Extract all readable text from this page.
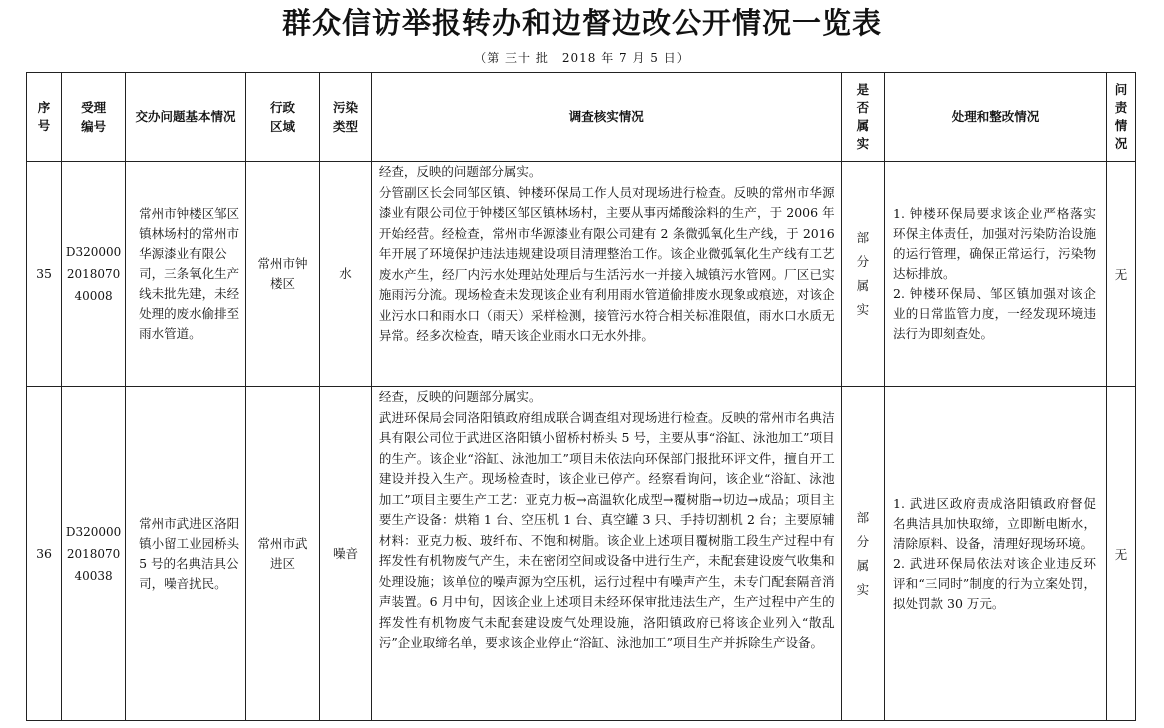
群众信访举报转办和边督边改公开情况一览表
（第 三十 批　2018 年 7 月 5 日）
序号	受理编号	交办问题基本情况	行政区域	污染类型	调查核实情况	是否属实	处理和整改情况	问责情况

35	D320000201807040008	常州市钟楼区邹区镇林场村的常州市华源漆业有限公司，三条氧化生产线未批先建，未经处理的废水偷排至雨水管道。	常州市钟楼区	水	经查，反映的问题部分属实。
分管副区长会同邹区镇、钟楼环保局工作人员对现场进行检查。反映的常州市华源漆业有限公司位于钟楼区邹区镇林场村，主要从事丙烯酸涂料的生产，于 2006 年开始经营。经检查，常州市华源漆业有限公司建有 2 条微弧氧化生产线，于 2016 年开展了环境保护违法违规建设项目清理整治工作。该企业微弧氧化生产线有工艺废水产生，经厂内污水处理站处理后与生活污水一并接入城镇污水管网。厂区已实施雨污分流。现场检查未发现该企业有利用雨水管道偷排废水现象或痕迹，对该企业污水口和雨水口（雨天）采样检测，接管污水符合相关标准限值，雨水口水质无异常。经多次检查，晴天该企业雨水口无水外排。	部分属实	1. 钟楼环保局要求该企业严格落实环保主体责任，加强对污染防治设施的运行管理，确保正常运行，污染物达标排放。
2. 钟楼环保局、邹区镇加强对该企业的日常监管力度，一经发现环境违法行为即刻查处。	无
36	D320000201807040038	常州市武进区洛阳镇小留工业园桥头 5 号的名典洁具公司，噪音扰民。	常州市武进区	噪音	经查，反映的问题部分属实。
武进环保局会同洛阳镇政府组成联合调查组对现场进行检查。反映的常州市名典洁具有限公司位于武进区洛阳镇小留桥村桥头 5 号，主要从事“浴缸、泳池加工”项目的生产。该企业“浴缸、泳池加工”项目未依法向环保部门报批环评文件，擅自开工建设并投入生产。现场检查时，该企业已停产。经察看询问，该企业“浴缸、泳池加工”项目主要生产工艺：亚克力板→高温软化成型→覆树脂→切边→成品；项目主要生产设备：烘箱 1 台、空压机 1 台、真空罐 3 只、手持切割机 2 台；主要原辅材料：亚克力板、玻纤布、不饱和树脂。该企业上述项目覆树脂工段生产过程中有挥发性有机物废气产生，未在密闭空间或设备中进行生产，未配套建设废气收集和处理设施；该单位的噪声源为空压机，运行过程中有噪声产生，未专门配套隔音消声装置。6 月中旬，因该企业上述项目未经环保审批违法生产，生产过程中产生的挥发性有机物废气未配套建设废气处理设施，洛阳镇政府已将该企业列入“散乱污”企业取缔名单，要求该企业停止“浴缸、泳池加工”项目生产并拆除生产设备。	部分属实	1. 武进区政府责成洛阳镇政府督促名典洁具加快取缔，立即断电断水，清除原料、设备，清理好现场环境。
2. 武进环保局依法对该企业违反环评和“三同时”制度的行为立案处罚，拟处罚款 30 万元。	无
